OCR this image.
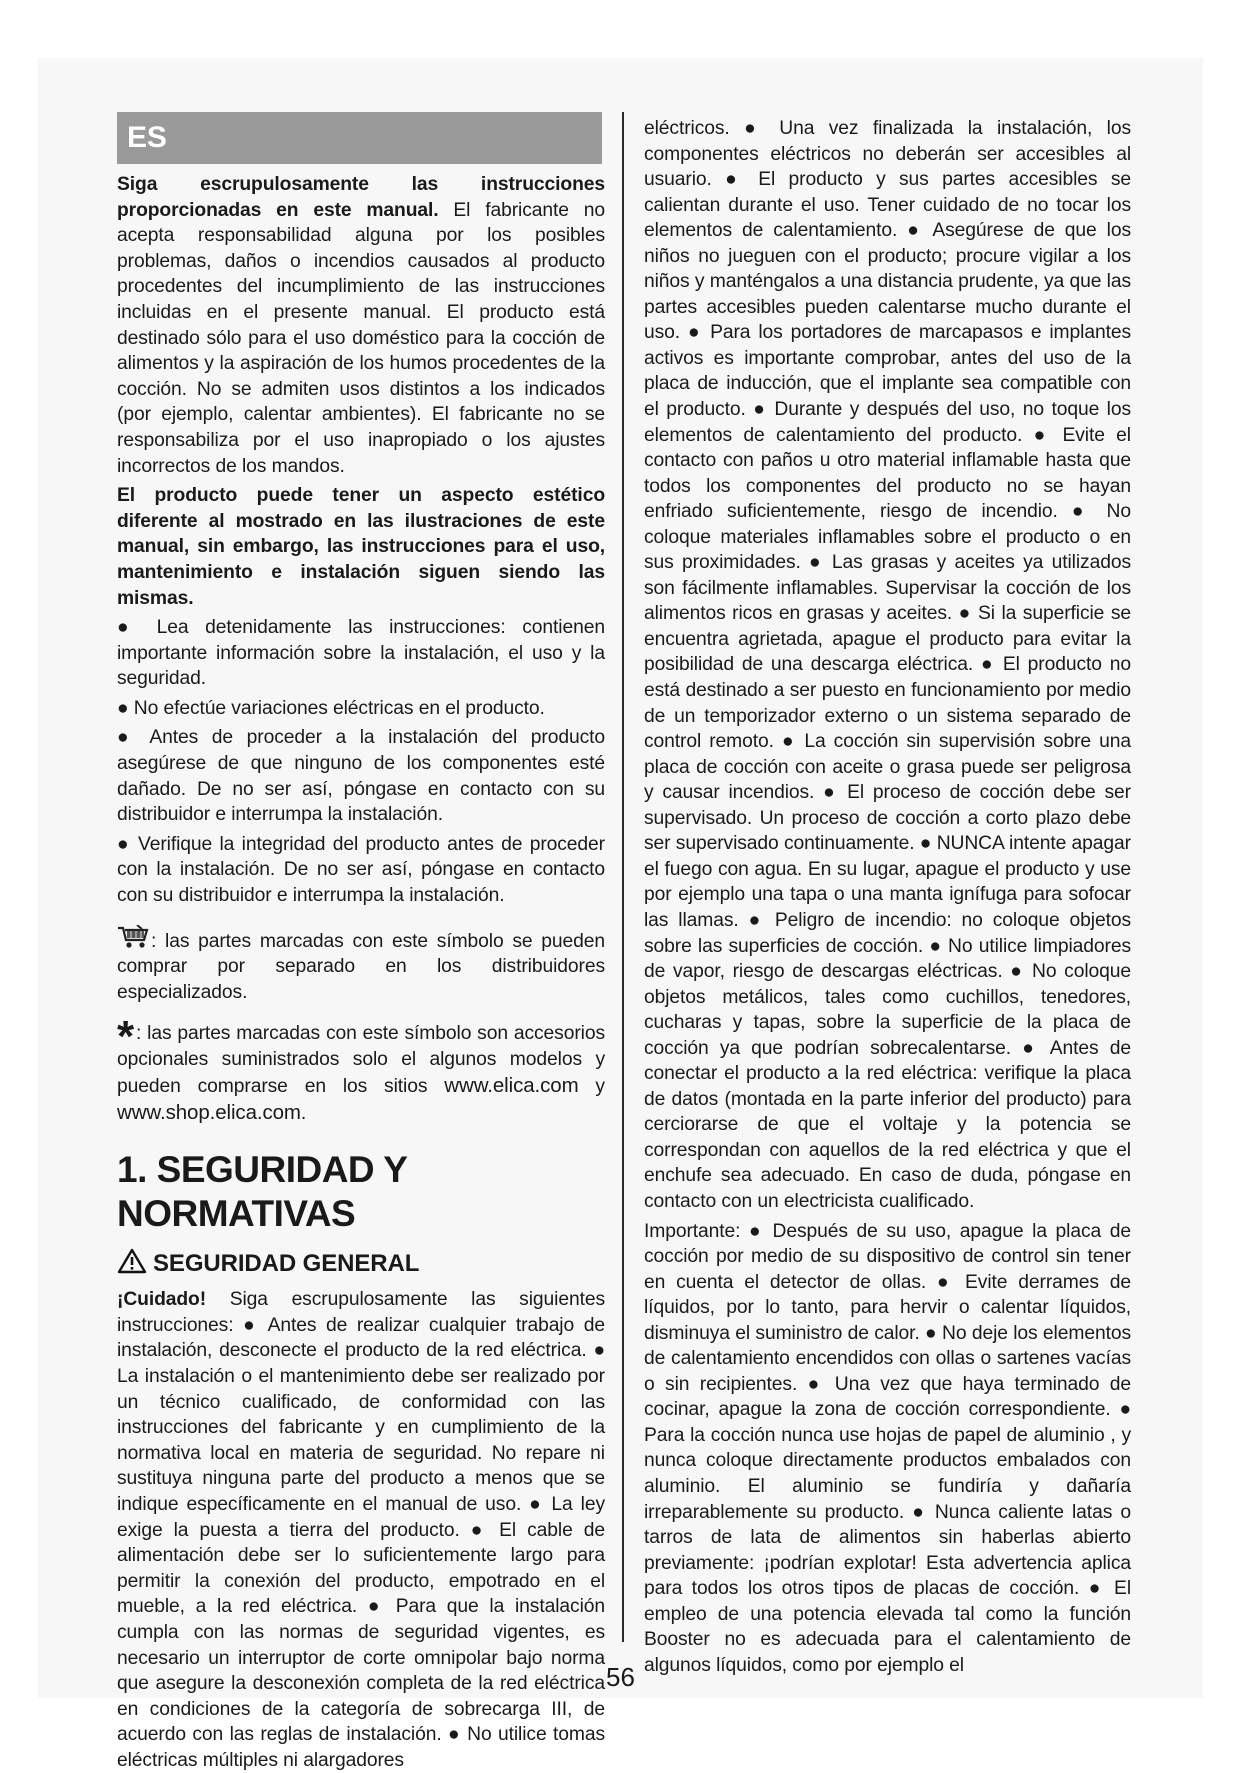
ES

Siga escrupulosamente las instrucciones proporcionadas en este manual. El fabricante no acepta responsabilidad alguna por los posibles problemas, daños o incendios causados al producto procedentes del incumplimiento de las instrucciones incluidas en el presente manual. El producto está destinado sólo para el uso doméstico para la cocción de alimentos y la aspiración de los humos procedentes de la cocción. No se admiten usos distintos a los indicados (por ejemplo, calentar ambientes). El fabricante no se responsabiliza por el uso inapropiado o los ajustes incorrectos de los mandos.

El producto puede tener un aspecto estético diferente al mostrado en las ilustraciones de este manual, sin embargo, las instrucciones para el uso, mantenimiento e instalación siguen siendo las mismas.

● Lea detenidamente las instrucciones: contienen importante información sobre la instalación, el uso y la seguridad.

● No efectúe variaciones eléctricas en el producto.

● Antes de proceder a la instalación del producto asegúrese de que ninguno de los componentes esté dañado. De no ser así, póngase en contacto con su distribuidor e interrumpa la instalación.

● Verifique la integridad del producto antes de proceder con la instalación. De no ser así, póngase en contacto con su distribuidor e interrumpa la instalación.

: las partes marcadas con este símbolo se pueden comprar por separado en los distribuidores especializados.

* : las partes marcadas con este símbolo son accesorios opcionales suministrados solo el algunos modelos y pueden comprarse en los sitios www.elica.com y www.shop.elica.com.

1. SEGURIDAD Y NORMATIVAS
SEGURIDAD GENERAL

¡Cuidado! Siga escrupulosamente las siguientes instrucciones: ● Antes de realizar cualquier trabajo de instalación, desconecte el producto de la red eléctrica. ● La instalación o el mantenimiento debe ser realizado por un técnico cualificado, de conformidad con las instrucciones del fabricante y en cumplimiento de la normativa local en materia de seguridad. No repare ni sustituya ninguna parte del producto a menos que se indique específicamente en el manual de uso. ● La ley exige la puesta a tierra del producto. ● El cable de alimentación debe ser lo suficientemente largo para permitir la conexión del producto, empotrado en el mueble, a la red eléctrica. ● Para que la instalación cumpla con las normas de seguridad vigentes, es necesario un interruptor de corte omnipolar bajo norma que asegure la desconexión completa de la red eléctrica en condiciones de la categoría de sobrecarga III, de acuerdo con las reglas de instalación. ● No utilice tomas eléctricas múltiples ni alargadores

eléctricos. ● Una vez finalizada la instalación, los componentes eléctricos no deberán ser accesibles al usuario. ● El producto y sus partes accesibles se calientan durante el uso. Tener cuidado de no tocar los elementos de calentamiento. ● Asegúrese de que los niños no jueguen con el producto; procure vigilar a los niños y manténgalos a una distancia prudente, ya que las partes accesibles pueden calentarse mucho durante el uso. ● Para los portadores de marcapasos e implantes activos es importante comprobar, antes del uso de la placa de inducción, que el implante sea compatible con el producto. ● Durante y después del uso, no toque los elementos de calentamiento del producto. ● Evite el contacto con paños u otro material inflamable hasta que todos los componentes del producto no se hayan enfriado suficientemente, riesgo de incendio. ● No coloque materiales inflamables sobre el producto o en sus proximidades. ● Las grasas y aceites ya utilizados son fácilmente inflamables. Supervisar la cocción de los alimentos ricos en grasas y aceites. ● Si la superficie se encuentra agrietada, apague el producto para evitar la posibilidad de una descarga eléctrica. ● El producto no está destinado a ser puesto en funcionamiento por medio de un temporizador externo o un sistema separado de control remoto. ● La cocción sin supervisión sobre una placa de cocción con aceite o grasa puede ser peligrosa y causar incendios. ● El proceso de cocción debe ser supervisado. Un proceso de cocción a corto plazo debe ser supervisado continuamente. ● NUNCA intente apagar el fuego con agua. En su lugar, apague el producto y use por ejemplo una tapa o una manta ignífuga para sofocar las llamas. ● Peligro de incendio: no coloque objetos sobre las superficies de cocción. ● No utilice limpiadores de vapor, riesgo de descargas eléctricas. ● No coloque objetos metálicos, tales como cuchillos, tenedores, cucharas y tapas, sobre la superficie de la placa de cocción ya que podrían sobrecalentarse. ● Antes de conectar el producto a la red eléctrica: verifique la placa de datos (montada en la parte inferior del producto) para cerciorarse de que el voltaje y la potencia se correspondan con aquellos de la red eléctrica y que el enchufe sea adecuado. En caso de duda, póngase en contacto con un electricista cualificado.

Importante: ● Después de su uso, apague la placa de cocción por medio de su dispositivo de control sin tener en cuenta el detector de ollas. ● Evite derrames de líquidos, por lo tanto, para hervir o calentar líquidos, disminuya el suministro de calor. ● No deje los elementos de calentamiento encendidos con ollas o sartenes vacías o sin recipientes. ● Una vez que haya terminado de cocinar, apague la zona de cocción correspondiente. ● Para la cocción nunca use hojas de papel de aluminio , y nunca coloque directamente productos embalados con aluminio. El aluminio se fundiría y dañaría irreparablemente su producto. ● Nunca caliente latas o tarros de lata de alimentos sin haberlas abierto previamente: ¡podrían explotar! Esta advertencia aplica para todos los otros tipos de placas de cocción. ● El empleo de una potencia elevada tal como la función Booster no es adecuada para el calentamiento de algunos líquidos, como por ejemplo el

56
